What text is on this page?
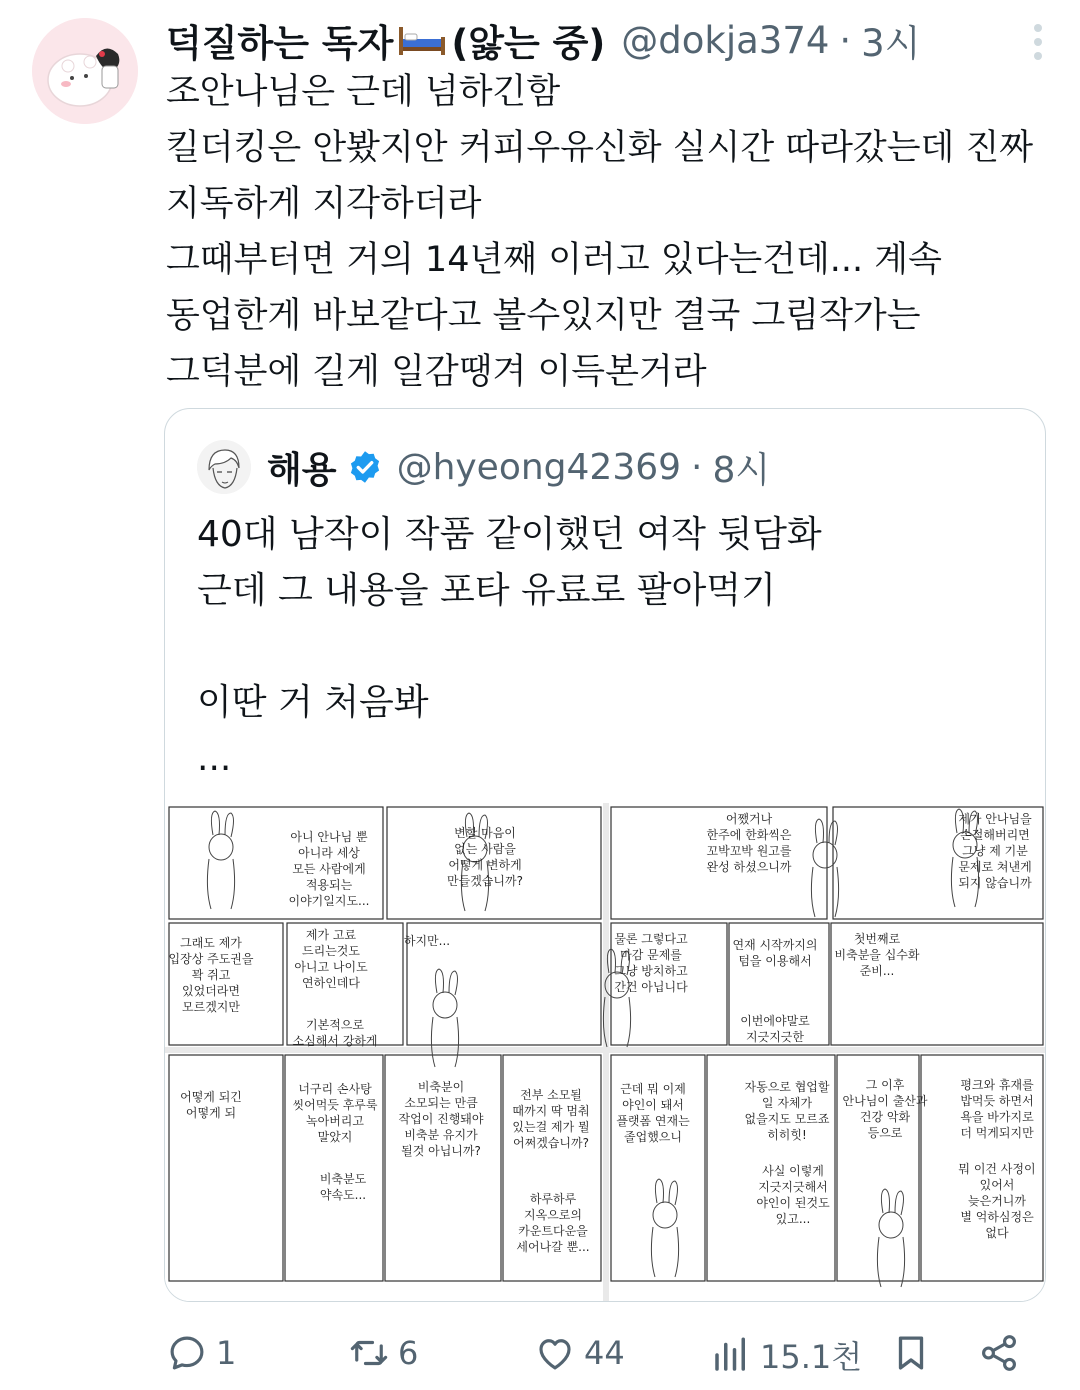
덕질하는 독자 (앓는 중) @dokja374 · 3시
조안나님은 근데 넘하긴함
킬더킹은 안봤지안 커피우유신화 실시간 따라갔는데 진짜
지독하게 지각하더라
그때부터면 거의 14년째 이러고 있다는건데... 계속
동업한게 바보같다고 볼수있지만 결국 그림작가는
그덕분에 길게 일감땡겨 이득본거라
해용 @hyeong42369 · 8시
40대 남작이 작품 같이했던 여작 뒷담화
근데 그 내용을 포타 유료로 팔아먹기
이딴 거 처음봐
...
아니 안나님 뿐
아니라 세상
모든 사람에게
적용되는
이야기일지도...
변할 마음이
없는 사람을
어떻게 변하게
만들겠습니까?
어쨌거나
한주에 한화씩은
꼬박꼬박 원고를
완성 하셨으니까
제가 안나님을
손절해버리면
그냥 제 기분
문제로 쳐낸게
되지 않습니까
그래도 제가
입장상 주도권을
꽉 쥐고
있었더라면
모르겠지만
제가 고료
드리는것도
아니고 나이도
연하인데다
하지만...	물론 그렇다고
마감 문제를
그냥 방치하고
간건 아닙니다
연재 시작까지의
텀을 이용해서
첫번째로
비축분을 십수화
준비...
기본적으로
소심해서 강하게
이번에야말로
지긋지긋한
어떻게 되긴
어떻게 되
너구리 손사탕
씻어먹듯 후루룩
녹아버리고
말았지
비축분이
소모되는 만큼
작업이 진행돼야
비축분 유지가
될것 아닙니까?
전부 소모될
때까지 딱 멈춰
있는걸 제가 뭘
어쩌겠습니까?
근데 뭐 이제
야인이 돼서
플랫폼 연재는
졸업했으니
자동으로 협업할
일 자체가
없을지도 모르죠
히히힛!
그 이후
안나님이 출산과
건강 악화
등으로
평크와 휴재를
밥먹듯 하면서
욕을 바가지로
더 먹게되지만
비축분도
약속도...	하루하루
지옥으로의
카운트다운을
세어나갈 뿐...
사실 이렇게
지긋지긋해서
야인이 된것도
있고...
뭐 이건 사정이
있어서
늦은거니까
별 억하심정은
없다
1	6	44	15.1천
